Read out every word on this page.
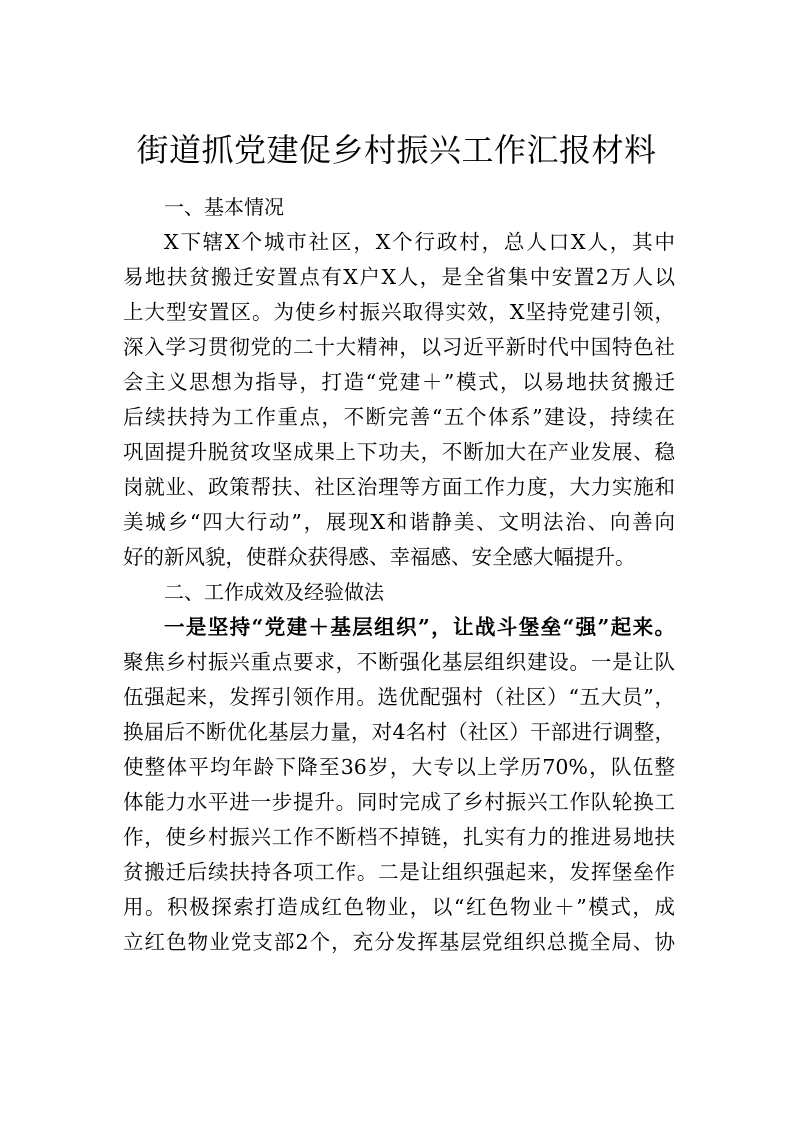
街道抓党建促乡村振兴工作汇报材料
一、基本情况
X下辖X个城市社区，X个行政村，总人口X人，其中
易地扶贫搬迁安置点有X户X人，是全省集中安置2万人以
上大型安置区。为使乡村振兴取得实效，X坚持党建引领，
深入学习贯彻党的二十大精神，以习近平新时代中国特色社
会主义思想为指导，打造“党建＋”模式，以易地扶贫搬迁
后续扶持为工作重点，不断完善“五个体系”建设，持续在
巩固提升脱贫攻坚成果上下功夫，不断加大在产业发展、稳
岗就业、政策帮扶、社区治理等方面工作力度，大力实施和
美城乡“四大行动”，展现X和谐静美、文明法治、向善向
好的新风貌，使群众获得感、幸福感、安全感大幅提升。
二、工作成效及经验做法
一是坚持“党建＋基层组织”，让战斗堡垒“强”起来。
聚焦乡村振兴重点要求，不断强化基层组织建设。一是让队
伍强起来，发挥引领作用。选优配强村（社区）“五大员”，
换届后不断优化基层力量，对4名村（社区）干部进行调整，
使整体平均年龄下降至36岁，大专以上学历70%，队伍整
体能力水平进一步提升。同时完成了乡村振兴工作队轮换工
作，使乡村振兴工作不断档不掉链，扎实有力的推进易地扶
贫搬迁后续扶持各项工作。二是让组织强起来，发挥堡垒作
用。积极探索打造成红色物业，以“红色物业＋”模式，成
立红色物业党支部2个，充分发挥基层党组织总揽全局、协
